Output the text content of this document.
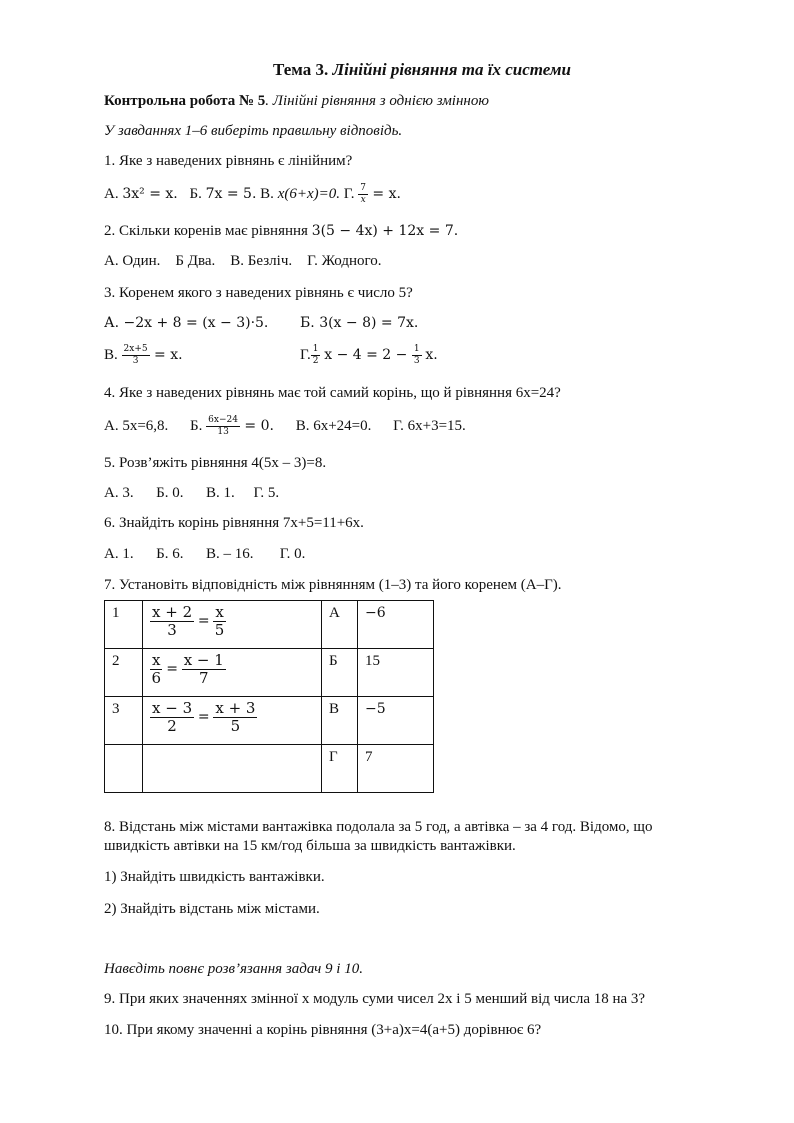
Тема 3. Лінійні рівняння та їх системи
Контрольна робота № 5. Лінійні рівняння з однією змінною
У завданнях 1–6 виберіть правильну відповідь.
1. Яке з наведених рівнянь є лінійним?
А. 3x² = x. Б. 7x = 5. В. x(6+x)=0. Г. $\frac{7}{x} = x$.
2. Скільки коренів має рівняння 3(5 − 4x) + 12x = 7.
А. Один.    Б Два.    В. Безліч.    Г. Жодного.
3. Коренем якого з наведених рівнянь є число 5?
А. −2x + 8 = (x − 3)·5. Б. 3(x − 8) = 7x.
В. $\frac{2x+5}{3} = x$.	Г. $\frac{1}{2}$ $x - 4 = 2 - \frac{1}{3} x$.
4. Яке з наведених рівнянь має той самий корінь, що й рівняння 6x=24?
А. 5x=6,8. Б. $\frac{6x-24}{13} = 0$. В. 6x+24=0. Г. 6x+3=15.
5. Розв’яжіть рівняння 4(5x – 3)=8.
А. 3.      Б. 0.      В. 1.     Г. 5.
6. Знайдіть корінь рівняння 7x+5=11+6x.
А. 1.      Б. 6.      В. – 16.       Г. 0.
7. Установіть відповідність між рівнянням (1–3) та його коренем (А–Г).
1	$\frac{x + 2}{3} = \frac{x}{5}$	А	−6
2	$\frac{x}{6} = \frac{x - 1}{7}$	Б	15
3	$\frac{x - 3}{2} = \frac{x + 3}{5}$	В	−5
		Г	7
8. Відстань між містами вантажівка подолала за 5 год, а автівка – за 4 год. Відомо, що
швидкість автівки на 15 км/год більша за швидкість вантажівки.
1) Знайдіть швидкість вантажівки.
2) Знайдіть відстань між містами.
Навєдіть повнє розв’язання задач 9 і 10.
9. При яких значеннях змінної x модуль суми чисел 2x і 5 менший від числа 18 на 3?
10. При якому значенні a корінь рівняння (3+a)x=4(a+5) дорівнює 6?
